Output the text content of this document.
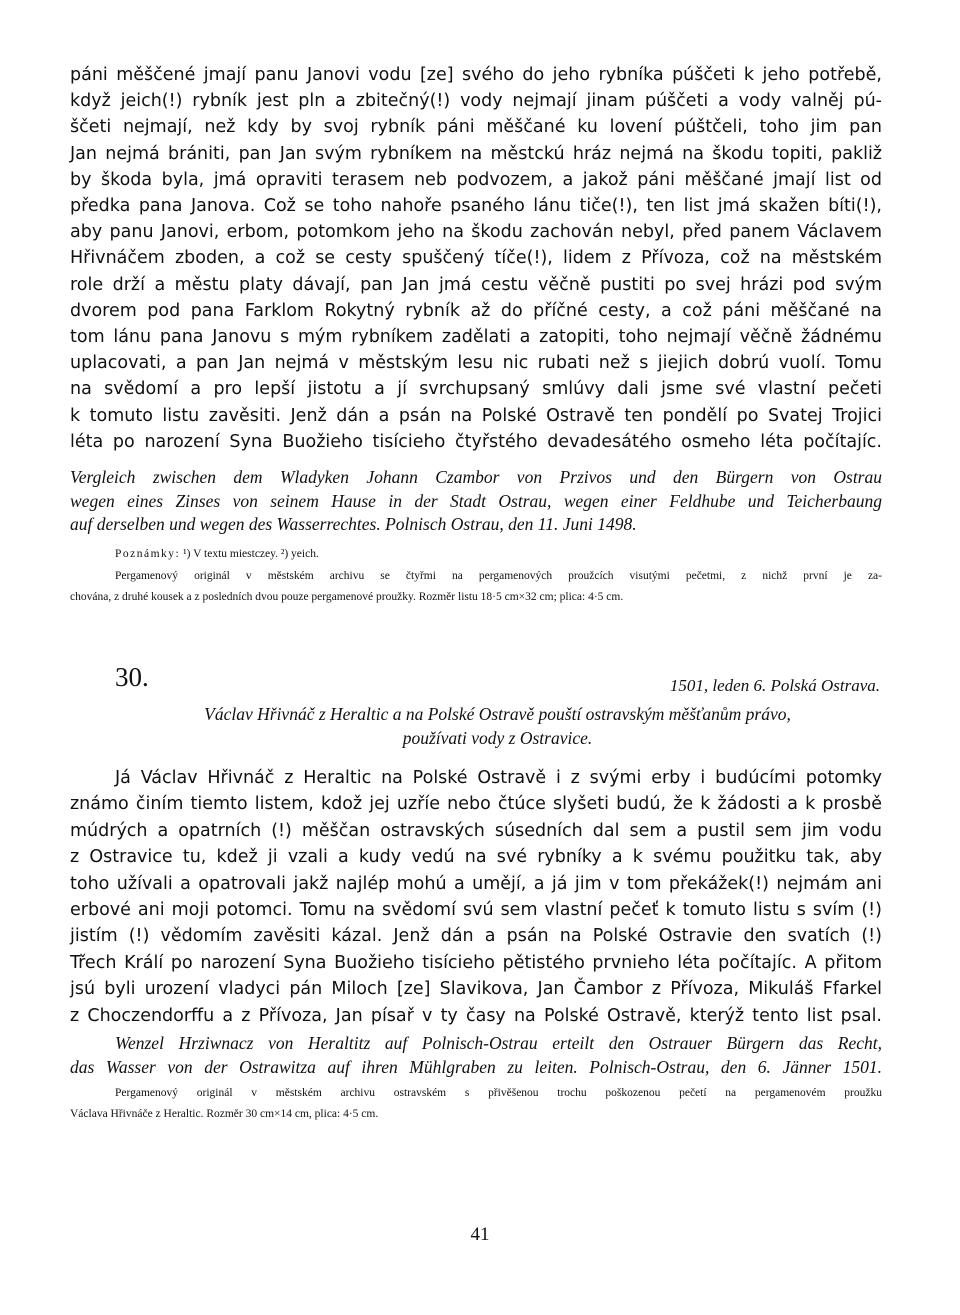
páni měščené jmají panu Janovi vodu [ze] svého do jeho rybníka púščeti k jeho potřebě,
když jeich(!) rybník jest pln a zbitečný(!) vody nejmají jinam púščeti a vody valněj pú-
ščeti nejmají, než kdy by svoj rybník páni měščané ku lovení púštčeli, toho jim pan
Jan nejmá brániti, pan Jan svým rybníkem na městckú hráz nejmá na škodu topiti, pakliž
by škoda byla, jmá opraviti terasem neb podvozem, a jakož páni měščané jmají list od
předka pana Janova. Což se toho nahoře psaného lánu tiče(!), ten list jmá skažen bíti(!),
aby panu Janovi, erbom, potomkom jeho na škodu zachován nebyl, před panem Václavem
Hřivnáčem zboden, a což se cesty spuščený tíče(!), lidem z Přívoza, což na městském
role drží a městu platy dávají, pan Jan jmá cestu věčně pustiti po svej hrázi pod svým
dvorem pod pana Farklom Rokytný rybník až do příčné cesty, a což páni měščané na
tom lánu pana Janovu s mým rybníkem zadělati a zatopiti, toho nejmají věčně žádnému
uplacovati, a pan Jan nejmá v městským lesu nic rubati než s jiejich dobrú vuolí. Tomu
na svědomí a pro lepší jistotu a jí svrchupsaný smlúvy dali jsme své vlastní pečeti
k tomuto listu zavěsiti. Jenž dán a psán na Polské Ostravě ten pondělí po Svatej Trojici
léta po narození Syna Buožieho tisícieho čtyřstého devadesátého osmeho léta počítajíc.
Vergleich zwischen dem Wladyken Johann Czambor von Przivos und den Bürgern von Ostrau
wegen eines Zinses von seinem Hause in der Stadt Ostrau, wegen einer Feldhube und Teicherbaung
auf derselben und wegen des Wasserrechtes. Polnisch Ostrau, den 11. Juni 1498.
Poznámky: ¹) V textu miestczey. ²) yeich.
Pergamenový originál v městském archivu se čtyřmi na pergamenových proužcích visutými pečetmi, z nichž první je za-
chována, z druhé kousek a z posledních dvou pouze pergamenové proužky. Rozměr listu 18·5 cm×32 cm; plica: 4·5 cm.
30.	1501, leden 6. Polská Ostrava.
Václav Hřivnáč z Heraltic a na Polské Ostravě pouští ostravským měšťanům právo,
používati vody z Ostravice.
Já Václav Hřivnáč z Heraltic na Polské Ostravě i z svými erby i budúcími potomky
známo činím tiemto listem, kdož jej uzříe nebo čtúce slyšeti budú, že k žádosti a k prosbě
múdrých a opatrních (!) měščan ostravských súsedních dal sem a pustil sem jim vodu
z Ostravice tu, kdež ji vzali a kudy vedú na své rybníky a k svému použitku tak, aby
toho užívali a opatrovali jakž najlép mohú a umějí, a já jim v tom překážek(!) nejmám ani
erbové ani moji potomci. Tomu na svědomí svú sem vlastní pečeť k tomuto listu s svím (!)
jistím (!) vědomím zavěsiti kázal. Jenž dán a psán na Polské Ostravie den svatích (!)
Třech Králí po narození Syna Buožieho tisícieho pětistého prvnieho léta počítajíc. A přitom
jsú byli urození vladyci pán Miloch [ze] Slavikova, Jan Čambor z Přívoza, Mikuláš Ffarkel
z Choczendorffu a z Přívoza, Jan písař v ty časy na Polské Ostravě, kterýž tento list psal.
Wenzel Hrziwnacz von Heraltitz auf Polnisch-Ostrau erteilt den Ostrauer Bürgern das Recht,
das Wasser von der Ostrawitza auf ihren Mühlgraben zu leiten. Polnisch-Ostrau, den 6. Jänner 1501.
Pergamenový originál v městském archivu ostravském s přivěšenou trochu poškozenou pečetí na pergamenovém proužku
Václava Hřivnáče z Heraltic. Rozměr 30 cm×14 cm, plica: 4·5 cm.
41
